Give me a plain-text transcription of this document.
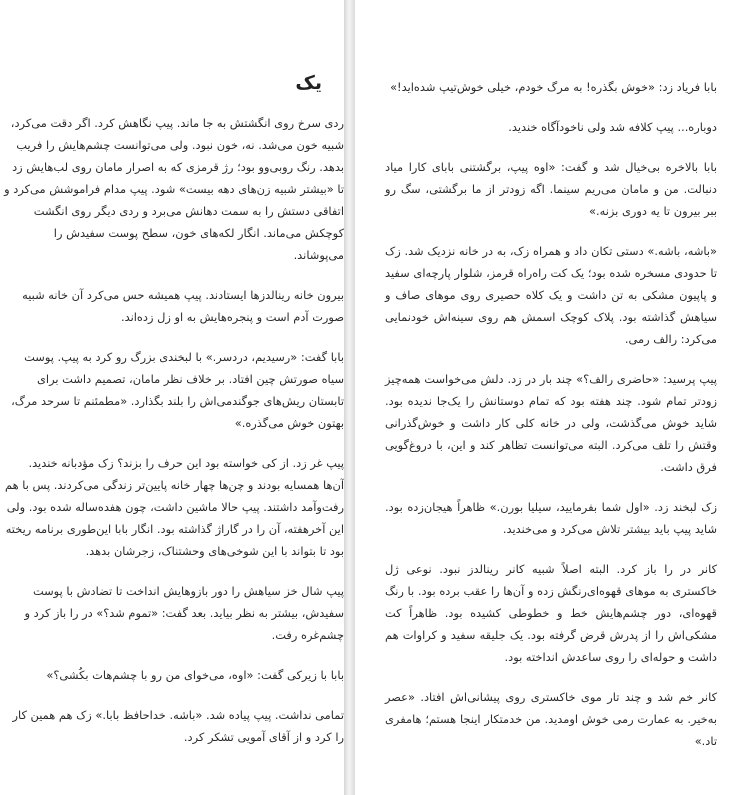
یک

ردی سرخ روی انگشتش به جا ماند. پیپ نگاهش کرد. اگر دقت می‌کرد، شبیه خون می‌شد. نه، خون نبود. ولی می‌توانست چشم‌هایش را فریب بدهد. رنگ روبی‌وو بود؛ رژ قرمزی که به اصرار مامان روی لب‌هایش زد تا «بیشتر شبیه زن‌های دهه بیست» شود. پیپ مدام فراموشش می‌کرد و اتفاقی دستش را به سمت دهانش می‌برد و ردی دیگر روی انگشت کوچکش می‌ماند. انگار لکه‌های خون، سطح پوست سفیدش را می‌پوشاند.

بیرون خانه رینالدزها ایستادند. پیپ همیشه حس می‌کرد آن خانه شبیه صورت آدم است و پنجره‌هایش به او زل زده‌اند.

بابا گفت: «رسیدیم، دردسر.» با لبخندی بزرگ رو کرد به پیپ. پوست سیاه صورتش چین افتاد. بر خلاف نظر مامان، تصمیم داشت برای تابستان ریش‌های جوگندمی‌اش را بلند بگذارد. «مطمئنم تا سرحد مرگ، بهتون خوش می‌گذره.»

پیپ غر زد. از کی خواسته بود این حرف را بزند؟ زک مؤدبانه خندید. آن‌ها همسایه بودند و چن‌ها چهار خانه پایین‌تر زندگی می‌کردند. پس با هم رفت‌وآمد داشتند. پیپ حالا ماشین داشت، چون هفده‌ساله شده بود. ولی این آخرهفته، آن را در گاراژ گذاشته بود. انگار بابا این‌طوری برنامه ریخته بود تا بتواند با این شوخی‌های وحشتناک، زجرشان بدهد.

پیپ شال خز سیاهش را دور بازوهایش انداخت تا تضادش با پوست سفیدش، بیشتر به نظر بیاید. بعد گفت: «تموم شد؟» در را باز کرد و چشم‌غره رفت.

بابا با زیرکی گفت: «اوه، می‌خوای من رو با چشم‌هات بکُشی؟»

تمامی نداشت. پیپ پیاده شد. «باشه. خداحافظ بابا.» زک هم همین کار را کرد و از آقای آمویی تشکر کرد.

بابا فریاد زد: «خوش بگذره! به مرگ خودم، خیلی خوش‌تیپ شده‌اید!»

دوباره... پیپ کلافه شد ولی ناخودآگاه خندید.

بابا بالاخره بی‌خیال شد و گفت: «اوه پیپ، برگشتنی بابای کارا میاد دنبالت. من و مامان می‌ریم سینما. اگه زودتر از ما برگشتی، سگ رو ببر بیرون تا یه دوری بزنه.»

«باشه، باشه.» دستی تکان داد و همراه زک، به در خانه نزدیک شد. زک تا حدودی مسخره شده بود؛ یک کت راه‌راه قرمز، شلوار پارچه‌ای سفید و پاپیون مشکی به تن داشت و یک کلاه حصیری روی موهای صاف و سیاهش گذاشته بود. پلاک کوچک اسمش هم روی سینه‌اش خودنمایی می‌کرد: رالف رمی.

پیپ پرسید: «حاضری رالف؟» چند بار در زد. دلش می‌خواست همه‌چیز زودتر تمام شود. چند هفته بود که تمام دوستانش را یک‌جا ندیده بود. شاید خوش می‌گذشت، ولی در خانه کلی کار داشت و خوش‌گذرانی وقتش را تلف می‌کرد. البته می‌توانست تظاهر کند و این، با دروغ‌گویی فرق داشت.

زک لبخند زد. «اول شما بفرمایید، سیلیا بورن.» ظاهراً هیجان‌زده بود. شاید پیپ باید بیشتر تلاش می‌کرد و می‌خندید.

کانر در را باز کرد. البته اصلاً شبیه کانر رینالدز نبود. نوعی ژل خاکستری به موهای قهوه‌ای‌رنگش زده و آن‌ها را عقب برده بود. با رنگ قهوه‌ای، دور چشم‌هایش خط و خطوطی کشیده بود. ظاهراً کت مشکی‌اش را از پدرش قرض گرفته بود. یک جلیقه سفید و کراوات هم داشت و حوله‌ای را روی ساعدش انداخته بود.

کانر خم شد و چند تار موی خاکستری روی پیشانی‌اش افتاد. «عصر به‌خیر. به عمارت رمی خوش اومدید. من خدمتکار اینجا هستم؛ هامفری تاد.»
